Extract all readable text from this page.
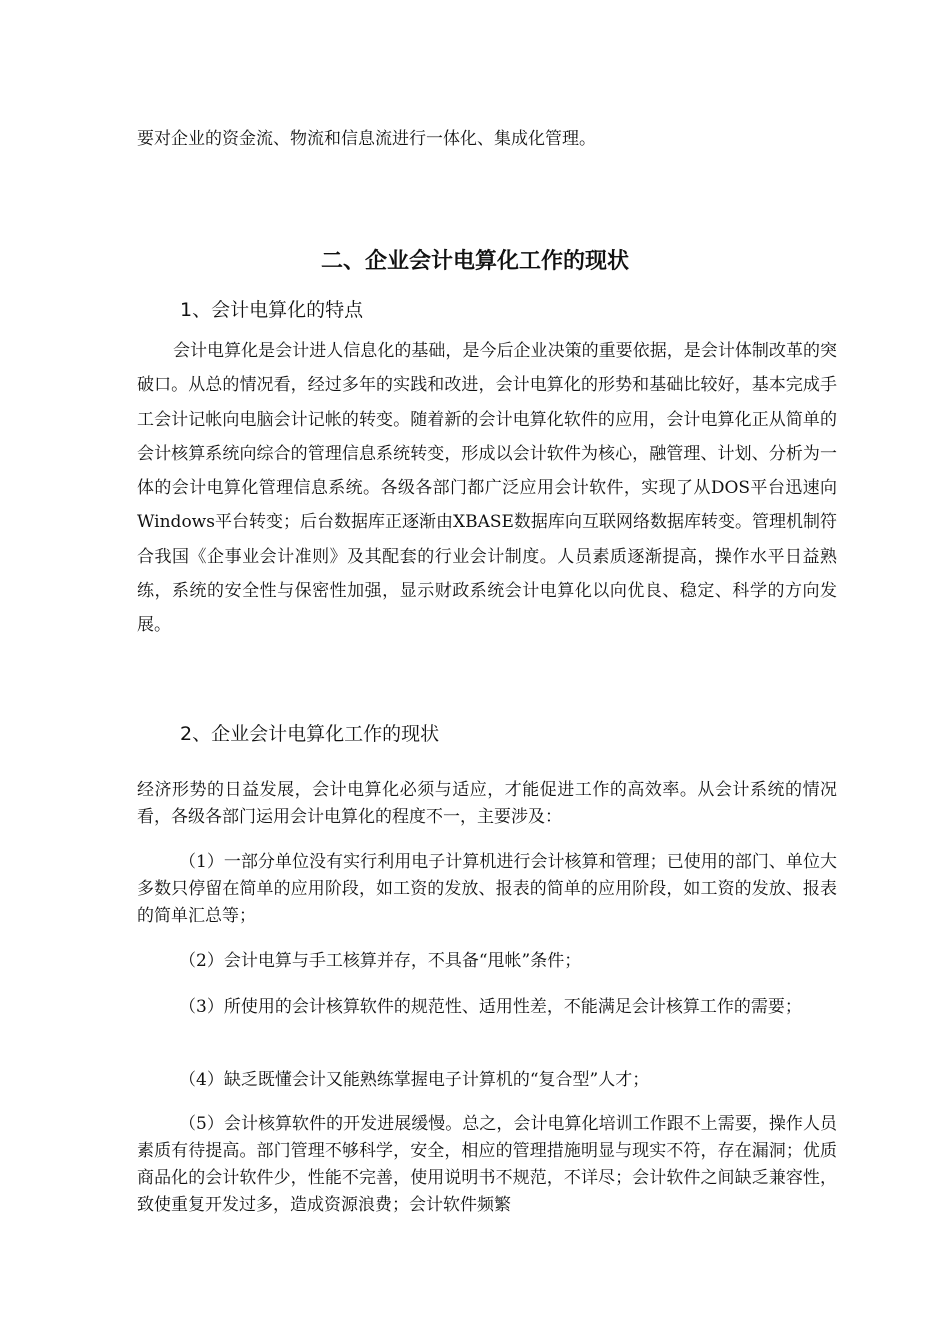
要对企业的资金流、物流和信息流进行一体化、集成化管理。
二、企业会计电算化工作的现状
1、会计电算化的特点
会计电算化是会计进人信息化的基础，是今后企业决策的重要依据，是会计体制改革的突破口。从总的情况看，经过多年的实践和改进，会计电算化的形势和基础比较好，基本完成手工会计记帐向电脑会计记帐的转变。随着新的会计电算化软件的应用，会计电算化正从简单的会计核算系统向综合的管理信息系统转变，形成以会计软件为核心，融管理、计划、分析为一体的会计电算化管理信息系统。各级各部门都广泛应用会计软件，实现了从DOS平台迅速向Windows平台转变；后台数据库正逐渐由XBASE数据库向互联网络数据库转变。管理机制符合我国《企事业会计准则》及其配套的行业会计制度。人员素质逐渐提高，操作水平日益熟练，系统的安全性与保密性加强，显示财政系统会计电算化以向优良、稳定、科学的方向发展。
2、企业会计电算化工作的现状
经济形势的日益发展，会计电算化必须与适应，才能促进工作的高效率。从会计系统的情况看，各级各部门运用会计电算化的程度不一，主要涉及：
（1）一部分单位没有实行利用电子计算机进行会计核算和管理；已使用的部门、单位大多数只停留在简单的应用阶段，如工资的发放、报表的简单的应用阶段，如工资的发放、报表的简单汇总等；
（2）会计电算与手工核算并存，不具备“甩帐”条件；
（3）所使用的会计核算软件的规范性、适用性差，不能满足会计核算工作的需要；
（4）缺乏既懂会计又能熟练掌握电子计算机的“复合型”人才；
（5）会计核算软件的开发进展缓慢。总之，会计电算化培训工作跟不上需要，操作人员素质有待提高。部门管理不够科学，安全，相应的管理措施明显与现实不符，存在漏洞；优质商品化的会计软件少，性能不完善，使用说明书不规范，不详尽；会计软件之间缺乏兼容性，致使重复开发过多，造成资源浪费；会计软件频繁
